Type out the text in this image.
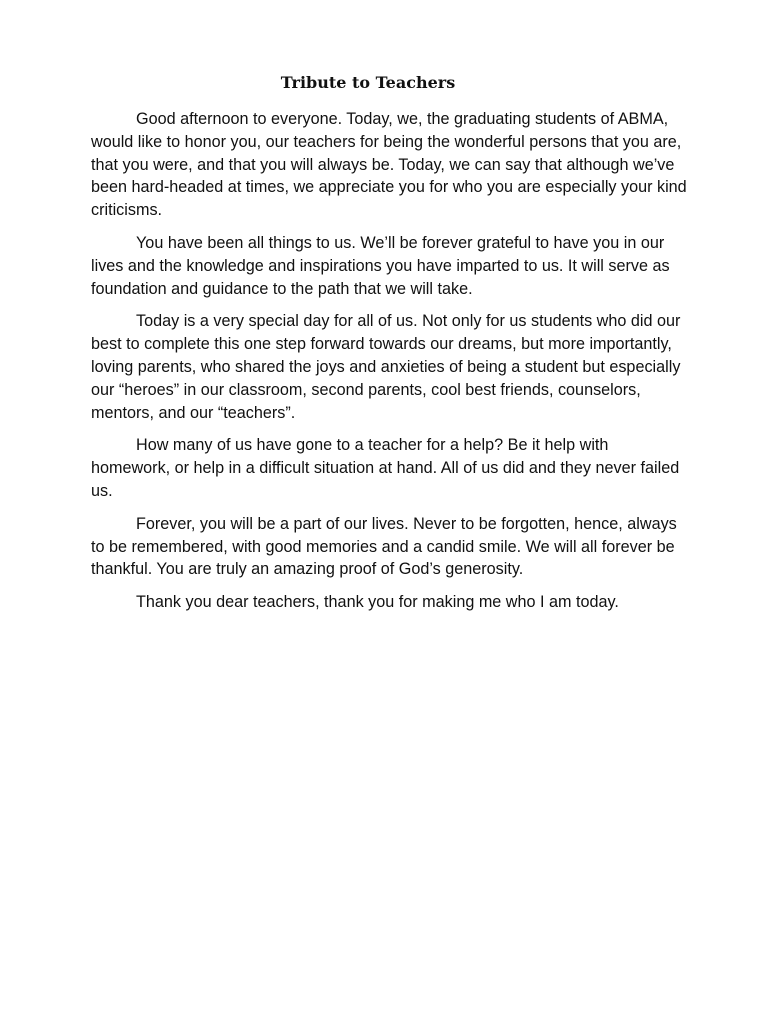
Tribute to Teachers

Good afternoon to everyone. Today, we, the graduating students of ABMA, would like to honor you, our teachers for being the wonderful persons that you are, that you were, and that you will always be. Today, we can say that although we’ve been hard-headed at times, we appreciate you for who you are especially your kind criticisms.

You have been all things to us. We’ll be forever grateful to have you in our lives and the knowledge and inspirations you have imparted to us. It will serve as foundation and guidance to the path that we will take.

Today is a very special day for all of us. Not only for us students who did our best to complete this one step forward towards our dreams, but more importantly, loving parents, who shared the joys and anxieties of being a student but especially our “heroes” in our classroom, second parents, cool best friends, counselors, mentors, and our “teachers”.

How many of us have gone to a teacher for a help? Be it help with homework, or help in a difficult situation at hand. All of us did and they never failed us.

Forever, you will be a part of our lives. Never to be forgotten, hence, always to be remembered, with good memories and a candid smile. We will all forever be thankful. You are truly an amazing proof of God’s generosity.

Thank you dear teachers, thank you for making me who I am today.
